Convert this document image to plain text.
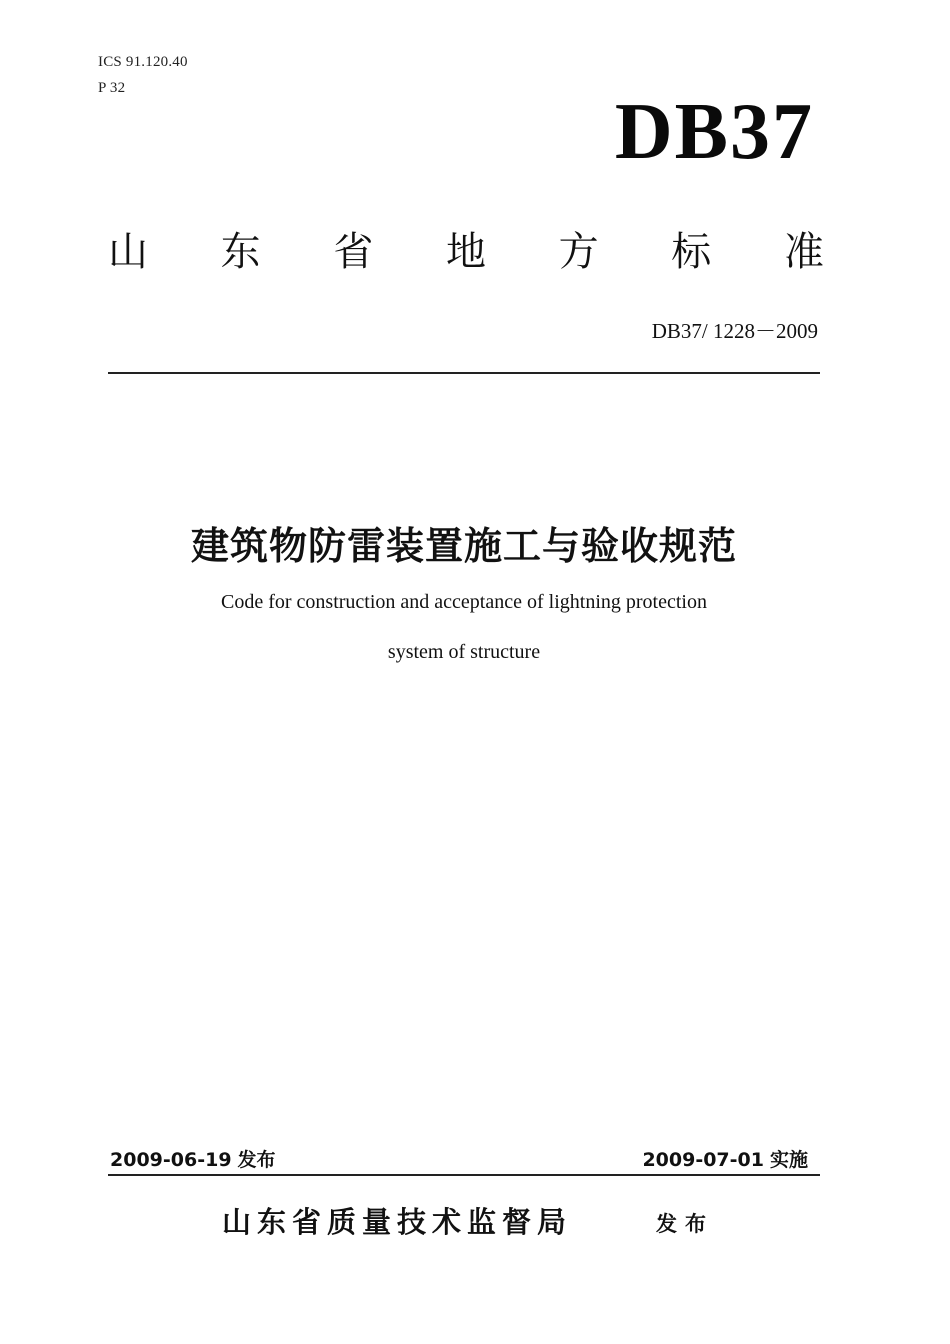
ICS 91.120.40
P 32	DB37
山 东 省 地 方 标 准
DB37/ 1228－2009
建筑物防雷装置施工与验收规范
Code for construction and acceptance of lightning protection
system of structure
2009-06-19 发布	2009-07-01 实施
山东省质量技术监督局	发布
